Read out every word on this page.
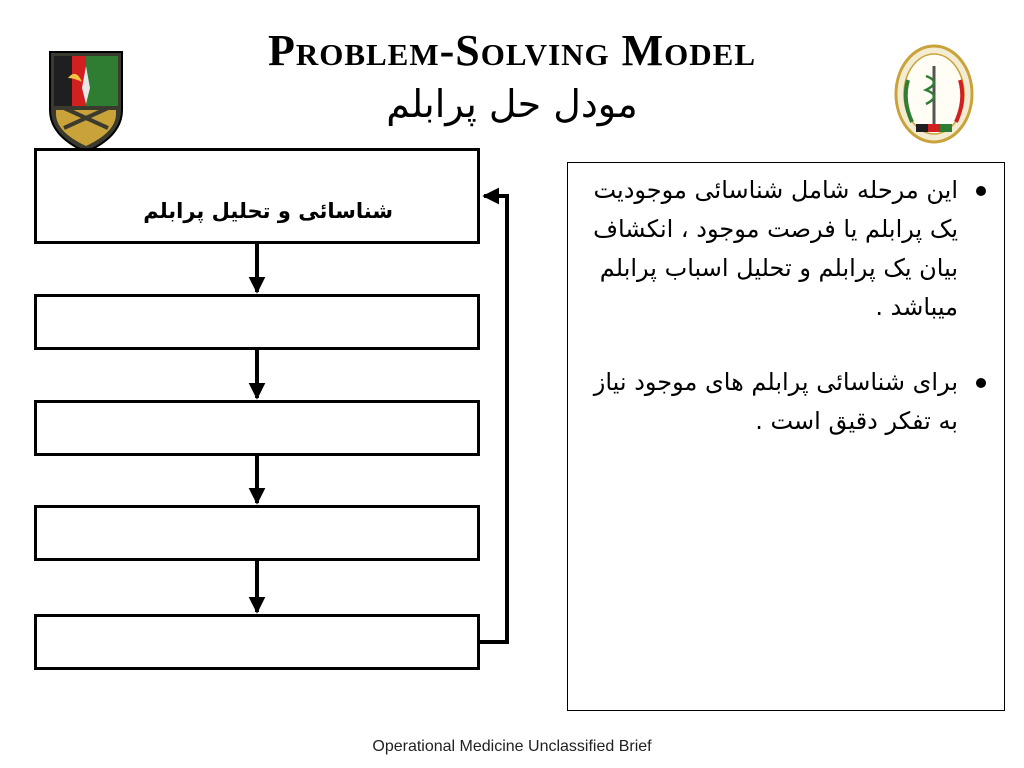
Problem-Solving Model
مودل حل پرابلم
شناسائی و تحلیل پرابلم
این مرحله شامل شناسائی موجودیت یک پرابلم یا فرصت موجود ، انکشاف بیان یک پرابلم و تحلیل اسباب پرابلم میباشد .
برای شناسائی پرابلم های موجود نیاز به تفکر دقیق است .
Operational Medicine Unclassified Brief
